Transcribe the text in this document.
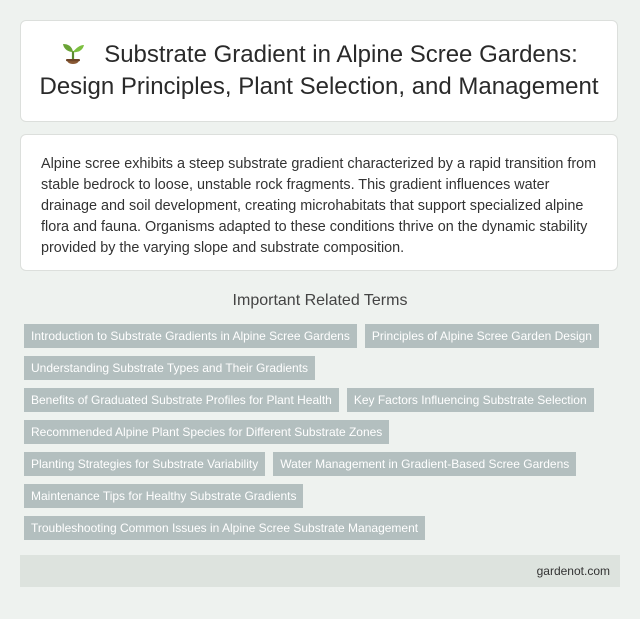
Substrate Gradient in Alpine Scree Gardens: Design Principles, Plant Selection, and Management

Alpine scree exhibits a steep substrate gradient characterized by a rapid transition from stable bedrock to loose, unstable rock fragments. This gradient influences water drainage and soil development, creating microhabitats that support specialized alpine flora and fauna. Organisms adapted to these conditions thrive on the dynamic stability provided by the varying slope and substrate composition.

Important Related Terms
Introduction to Substrate Gradients in Alpine Scree Gardens	Principles of Alpine Scree Garden Design
Understanding Substrate Types and Their Gradients
Benefits of Graduated Substrate Profiles for Plant Health	Key Factors Influencing Substrate Selection
Recommended Alpine Plant Species for Different Substrate Zones
Planting Strategies for Substrate Variability	Water Management in Gradient-Based Scree Gardens
Maintenance Tips for Healthy Substrate Gradients
Troubleshooting Common Issues in Alpine Scree Substrate Management
gardenot.com
